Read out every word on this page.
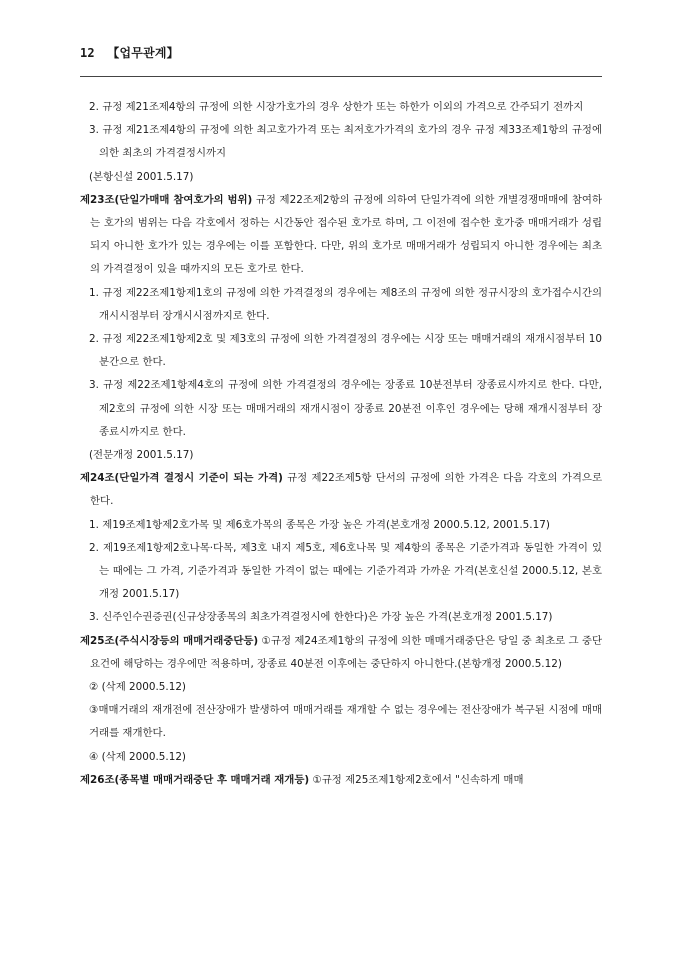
12 【업무관계】

2. 규정 제21조제4항의 규정에 의한 시장가호가의 경우 상한가 또는 하한가 이외의 가격으로 간주되기 전까지

3. 규정 제21조제4항의 규정에 의한 최고호가가격 또는 최저호가가격의 호가의 경우 규정 제33조제1항의 규정에 의한 최초의 가격결정시까지

(본항신설 2001.5.17)

제23조(단일가매매 참여호가의 범위) 규정 제22조제2항의 규정에 의하여 단일가격에 의한 개별경쟁매매에 참여하는 호가의 범위는 다음 각호에서 정하는 시간동안 접수된 호가로 하며, 그 이전에 접수한 호가중 매매거래가 성립되지 아니한 호가가 있는 경우에는 이를 포함한다. 다만, 위의 호가로 매매거래가 성립되지 아니한 경우에는 최초의 가격결정이 있을 때까지의 모든 호가로 한다.

1. 규정 제22조제1항제1호의 규정에 의한 가격결정의 경우에는 제8조의 규정에 의한 정규시장의 호가접수시간의 개시시점부터 장개시시점까지로 한다.

2. 규정 제22조제1항제2호 및 제3호의 규정에 의한 가격결정의 경우에는 시장 또는 매매거래의 재개시점부터 10분간으로 한다.

3. 규정 제22조제1항제4호의 규정에 의한 가격결정의 경우에는 장종료 10분전부터 장종료시까지로 한다. 다만, 제2호의 규정에 의한 시장 또는 매매거래의 재개시점이 장종료 20분전 이후인 경우에는 당해 재개시점부터 장종료시까지로 한다.

(전문개정 2001.5.17)

제24조(단일가격 결정시 기준이 되는 가격) 규정 제22조제5항 단서의 규정에 의한 가격은 다음 각호의 가격으로 한다.

1. 제19조제1항제2호가목 및 제6호가목의 종목은 가장 높은 가격(본호개정 2000.5.12, 2001.5.17)

2. 제19조제1항제2호나목·다목, 제3호 내지 제5호, 제6호나목 및 제4항의 종목은 기준가격과 동일한 가격이 있는 때에는 그 가격, 기준가격과 동일한 가격이 없는 때에는 기준가격과 가까운 가격(본호신설 2000.5.12, 본호개정 2001.5.17)

3. 신주인수권증권(신규상장종목의 최초가격결정시에 한한다)은 가장 높은 가격(본호개정 2001.5.17)

제25조(주식시장등의 매매거래중단등) ①규정 제24조제1항의 규정에 의한 매매거래중단은 당일 중 최초로 그 중단요건에 해당하는 경우에만 적용하며, 장종료 40분전 이후에는 중단하지 아니한다.(본항개정 2000.5.12)

② (삭제 2000.5.12)

③매매거래의 재개전에 전산장애가 발생하여 매매거래를 재개할 수 없는 경우에는 전산장애가 복구된 시점에 매매거래를 재개한다.

④ (삭제 2000.5.12)

제26조(종목별 매매거래중단 후 매매거래 재개등) ①규정 제25조제1항제2호에서 "신속하게 매매
